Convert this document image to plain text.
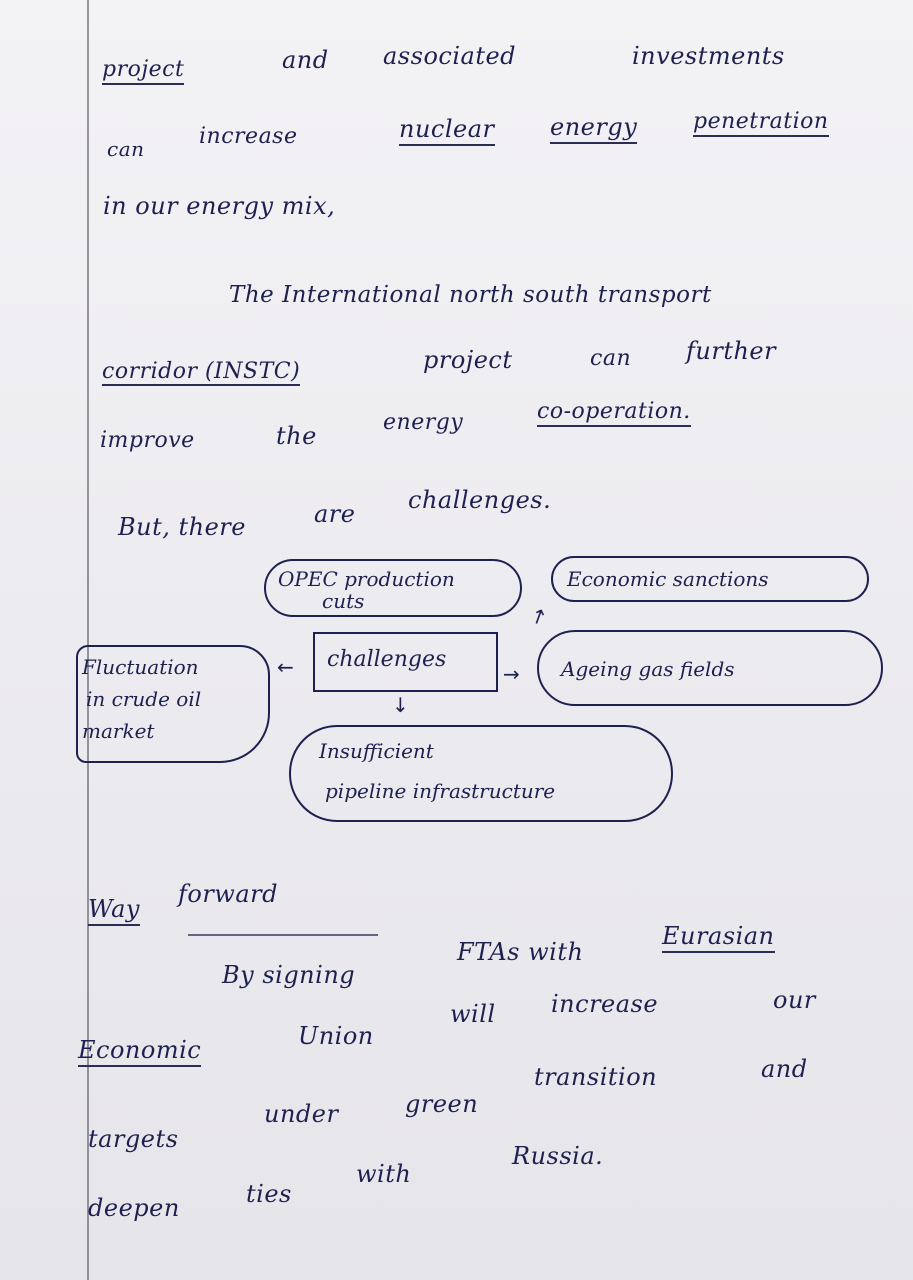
project	and associated	investments
can increase	nuclear energy	penetration
in our energy mix,
The International north south transport
corridor (INSTC)	project	can further
improve	the	energy	co-operation.
But, there	are challenges.
OPEC production
cuts
Economic sanctions
challenges	Ageing gas fields
Fluctuation
in crude oil
market
Insufficient
pipeline infrastructure
←	→
↗
↓
Way
forward
By signing
FTAs with
Eurasian
will increase	our
Economic	Union
transition	and
targets
under	green
with
Russia.
deepen	ties
